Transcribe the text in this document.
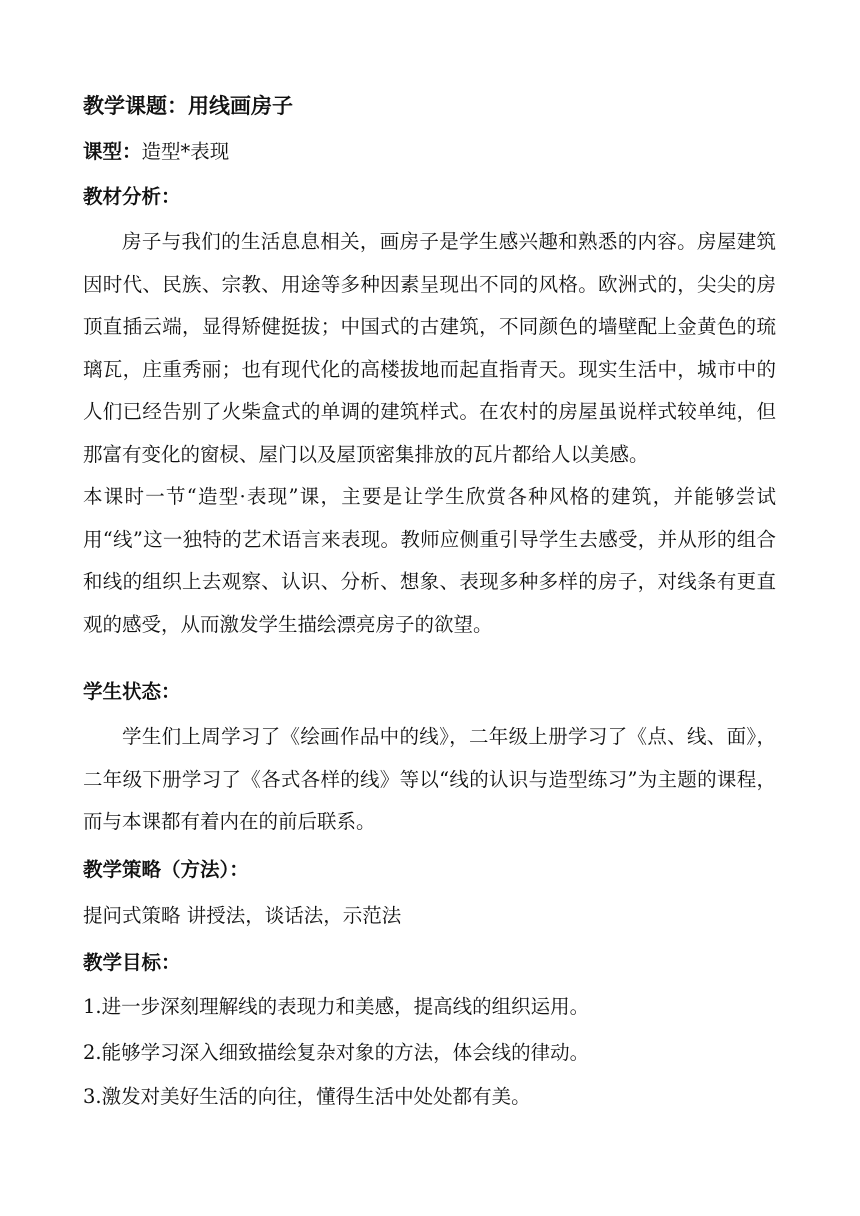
教学课题：用线画房子
课型：造型*表现
教材分析：
房子与我们的生活息息相关，画房子是学生感兴趣和熟悉的内容。房屋建筑因时代、民族、宗教、用途等多种因素呈现出不同的风格。欧洲式的，尖尖的房顶直插云端，显得矫健挺拔；中国式的古建筑，不同颜色的墙壁配上金黄色的琉璃瓦，庄重秀丽；也有现代化的高楼拔地而起直指青天。现实生活中，城市中的人们已经告别了火柴盒式的单调的建筑样式。在农村的房屋虽说样式较单纯，但那富有变化的窗棂、屋门以及屋顶密集排放的瓦片都给人以美感。
本课时一节“造型·表现”课，主要是让学生欣赏各种风格的建筑，并能够尝试用“线”这一独特的艺术语言来表现。教师应侧重引导学生去感受，并从形的组合和线的组织上去观察、认识、分析、想象、表现多种多样的房子，对线条有更直观的感受，从而激发学生描绘漂亮房子的欲望。
学生状态：
学生们上周学习了《绘画作品中的线》，二年级上册学习了《点、线、面》，二年级下册学习了《各式各样的线》等以“线的认识与造型练习”为主题的课程，而与本课都有着内在的前后联系。
教学策略（方法）：
提问式策略 讲授法，谈话法，示范法
教学目标：
1.进一步深刻理解线的表现力和美感，提高线的组织运用。
2.能够学习深入细致描绘复杂对象的方法，体会线的律动。
3.激发对美好生活的向往，懂得生活中处处都有美。
